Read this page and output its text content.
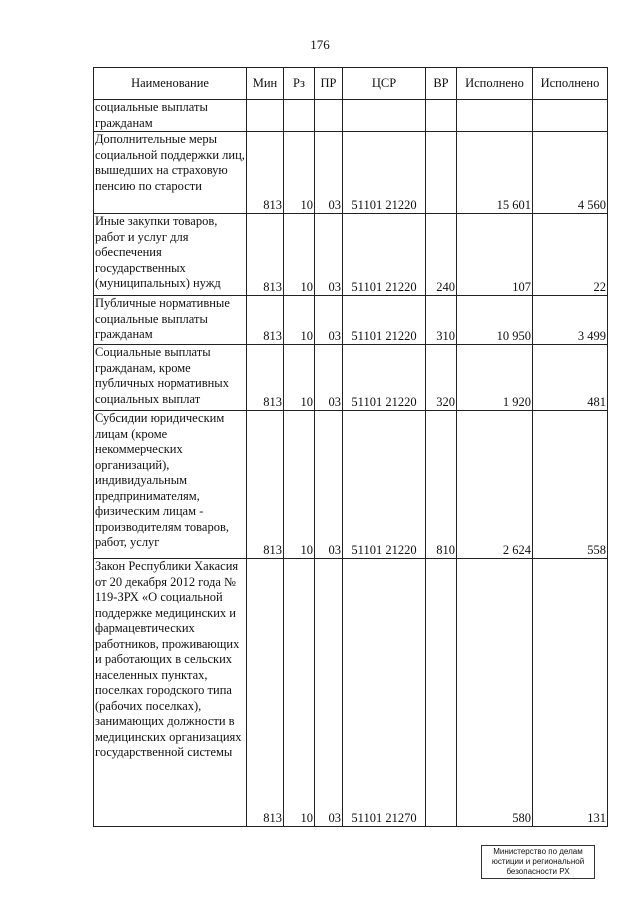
176
Наименование	Мин	Рз	ПР	ЦСР	ВР	Исполнено	Исполнено
социальные выплаты гражданам							
Дополнительные меры социальной поддержки лиц, вышедших на страховую пенсию по старости	813	10	03	51101 21220		15 601	4 560
Иные закупки товаров, работ и услуг для обеспечения государственных (муниципальных) нужд	813	10	03	51101 21220	240	107	22
Публичные нормативные социальные выплаты гражданам	813	10	03	51101 21220	310	10 950	3 499
Социальные выплаты гражданам, кроме публичных нормативных социальных выплат	813	10	03	51101 21220	320	1 920	481
Субсидии юридическим лицам (кроме некоммерческих организаций), индивидуальным предпринимателям, физическим лицам - производителям товаров, работ, услуг	813	10	03	51101 21220	810	2 624	558
Закон Республики Хакасия от 20 декабря 2012 года № 119-ЗРХ «О социальной поддержке медицинских и фармацевтических работников, проживающих и работающих в сельских населенных пунктах, поселках городского типа (рабочих поселках), занимающих должности в медицинских организациях государственной системы	813	10	03	51101 21270		580	131
Министерство по делам
юстиции и региональной
безопасности РХ
